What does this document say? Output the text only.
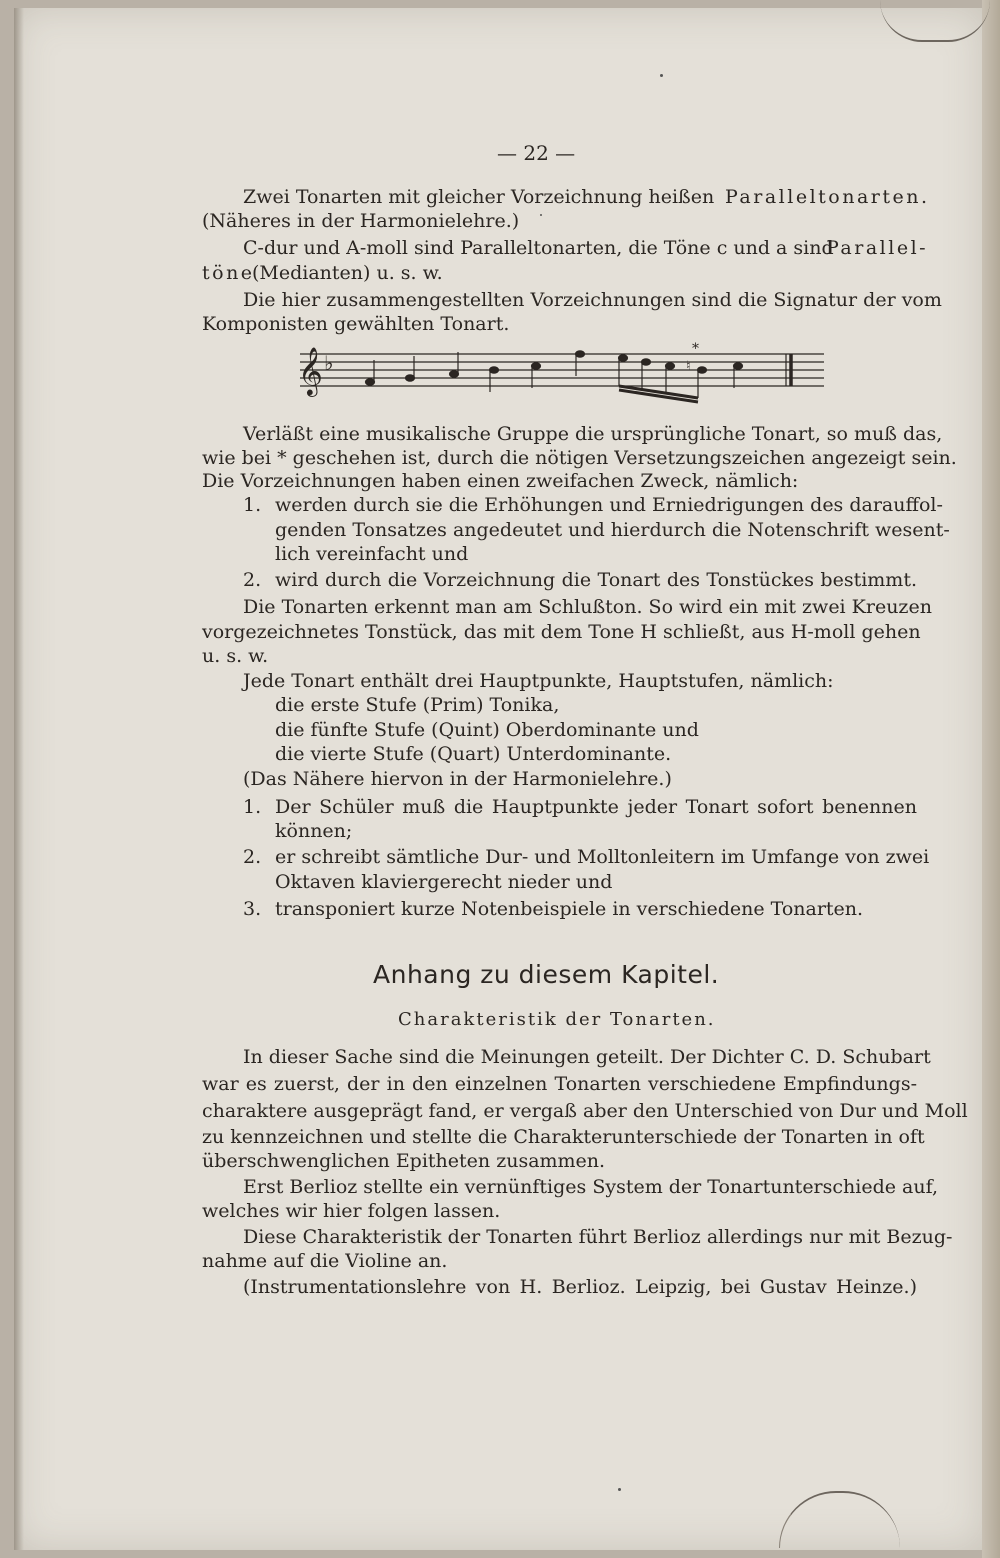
— 22 —
Zwei Tonarten mit gleicher Vorzeichnung heißen Paralleltonarten.
(Näheres in der Harmonielehre.)
C-dur und A-moll sind Paralleltonarten, die Töne c und a sind
Parallel-
töne
(Medianten) u. s. w.
Die hier zusammengestellten Vorzeichnungen sind die Signatur der vom
Komponisten gewählten Tonart.
𝄞 ♭	♮
*
Verläßt eine musikalische Gruppe die ursprüngliche Tonart, so muß das,
wie bei * geschehen ist, durch die nötigen Versetzungszeichen angezeigt sein.
Die Vorzeichnungen haben einen zweifachen Zweck, nämlich:
1. werden durch sie die Erhöhungen und Erniedrigungen des darauffol-
genden Tonsatzes angedeutet und hierdurch die Notenschrift wesent-
lich vereinfacht und
2. wird durch die Vorzeichnung die Tonart des Tonstückes bestimmt.
Die Tonarten erkennt man am Schlußton. So wird ein mit zwei Kreuzen
vorgezeichnetes Tonstück, das mit dem Tone H schließt, aus H-moll gehen
u. s. w.
Jede Tonart enthält drei Hauptpunkte, Hauptstufen, nämlich:
die erste Stufe (Prim) Tonika,
die fünfte Stufe (Quint) Oberdominante und
die vierte Stufe (Quart) Unterdominante.
(Das Nähere hiervon in der Harmonielehre.)
1. Der Schüler muß die Hauptpunkte jeder Tonart sofort benennen
können;
2. er schreibt sämtliche Dur- und Molltonleitern im Umfange von zwei
Oktaven klaviergerecht nieder und
3. transponiert kurze Notenbeispiele in verschiedene Tonarten.
Anhang zu diesem Kapitel.
Charakteristik der Tonarten.
In dieser Sache sind die Meinungen geteilt. Der Dichter C. D. Schubart
war es zuerst, der in den einzelnen Tonarten verschiedene Empfindungs-
charaktere ausgeprägt fand, er vergaß aber den Unterschied von Dur und Moll
zu kennzeichnen und stellte die Charakterunterschiede der Tonarten in oft
überschwenglichen Epitheten zusammen.
Erst Berlioz stellte ein vernünftiges System der Tonartunterschiede auf,
welches wir hier folgen lassen.
Diese Charakteristik der Tonarten führt Berlioz allerdings nur mit Bezug-
nahme auf die Violine an.
(Instrumentationslehre von H. Berlioz. Leipzig, bei Gustav Heinze.)
